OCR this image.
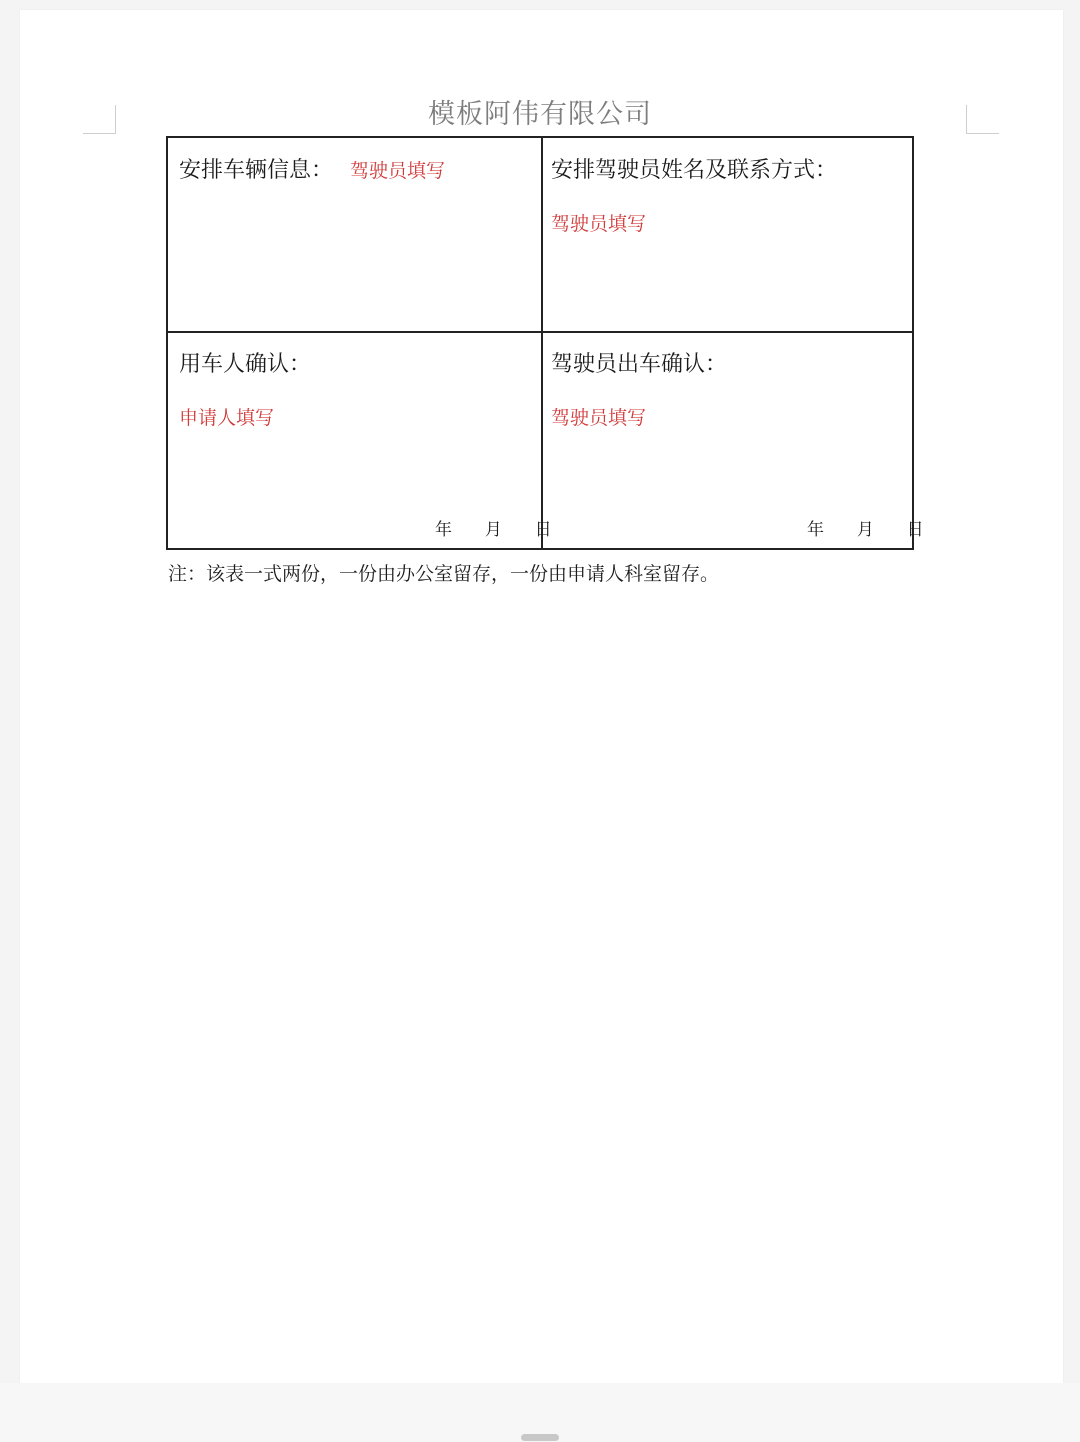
模板阿伟有限公司
安排车辆信息： 驾驶员填写	安排驾驶员姓名及联系方式：
驾驶员填写
用车人确认：
申请人填写
年 月 日
驾驶员出车确认：
驾驶员填写
年 月 日
注：该表一式两份，一份由办公室留存，一份由申请人科室留存。
